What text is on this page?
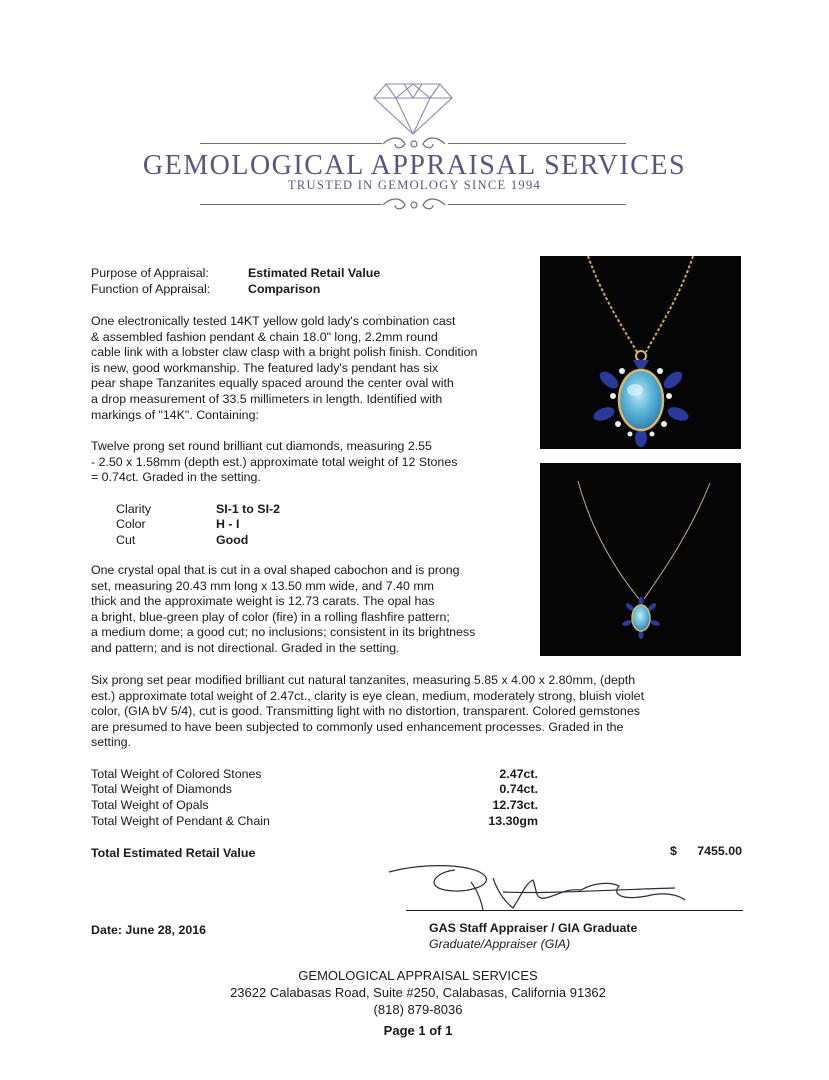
GEMOLOGICAL APPRAISAL SERVICES
TRUSTED IN GEMOLOGY SINCE 1994
Purpose of Appraisal:	Estimated Retail Value
Function of Appraisal:	Comparison
One electronically tested 14KT yellow gold lady's combination cast
& assembled fashion pendant & chain 18.0" long, 2.2mm round
cable link with a lobster claw clasp with a bright polish finish. Condition
is new, good workmanship. The featured lady's pendant has six
pear shape Tanzanites equally spaced around the center oval with
a drop measurement of 33.5 millimeters in length. Identified with
markings of "14K". Containing:
Twelve prong set round brilliant cut diamonds, measuring 2.55
- 2.50 x 1.58mm (depth est.) approximate total weight of 12 Stones
= 0.74ct. Graded in the setting.
Clarity	SI-1 to SI-2
Color	H - I
Cut	Good
One crystal opal that is cut in a oval shaped cabochon and is prong
set, measuring 20.43 mm long x 13.50 mm wide, and 7.40 mm
thick and the approximate weight is 12.73 carats. The opal has
a bright, blue-green play of color (fire) in a rolling flashfire pattern;
a medium dome; a good cut; no inclusions; consistent in its brightness
and pattern; and is not directional. Graded in the setting.
Six prong set pear modified brilliant cut natural tanzanites, measuring 5.85 x 4.00 x 2.80mm, (depth
est.) approximate total weight of 2.47ct., clarity is eye clean, medium, moderately strong, bluish violet
color, (GIA bV 5/4), cut is good. Transmitting light with no distortion, transparent. Colored gemstones
are presumed to have been subjected to commonly used enhancement processes. Graded in the
setting.
Total Weight of Colored Stones	2.47ct.
Total Weight of Diamonds	0.74ct.
Total Weight of Opals	12.73ct.
Total Weight of Pendant & Chain	13.30gm
Total Estimated Retail Value	$	7455.00
Date: June 28, 2016	GAS Staff Appraiser / GIA Graduate
Graduate/Appraiser (GIA)
GEMOLOGICAL APPRAISAL SERVICES
23622 Calabasas Road, Suite #250, Calabasas, California 91362
(818) 879-8036
Page 1 of 1
